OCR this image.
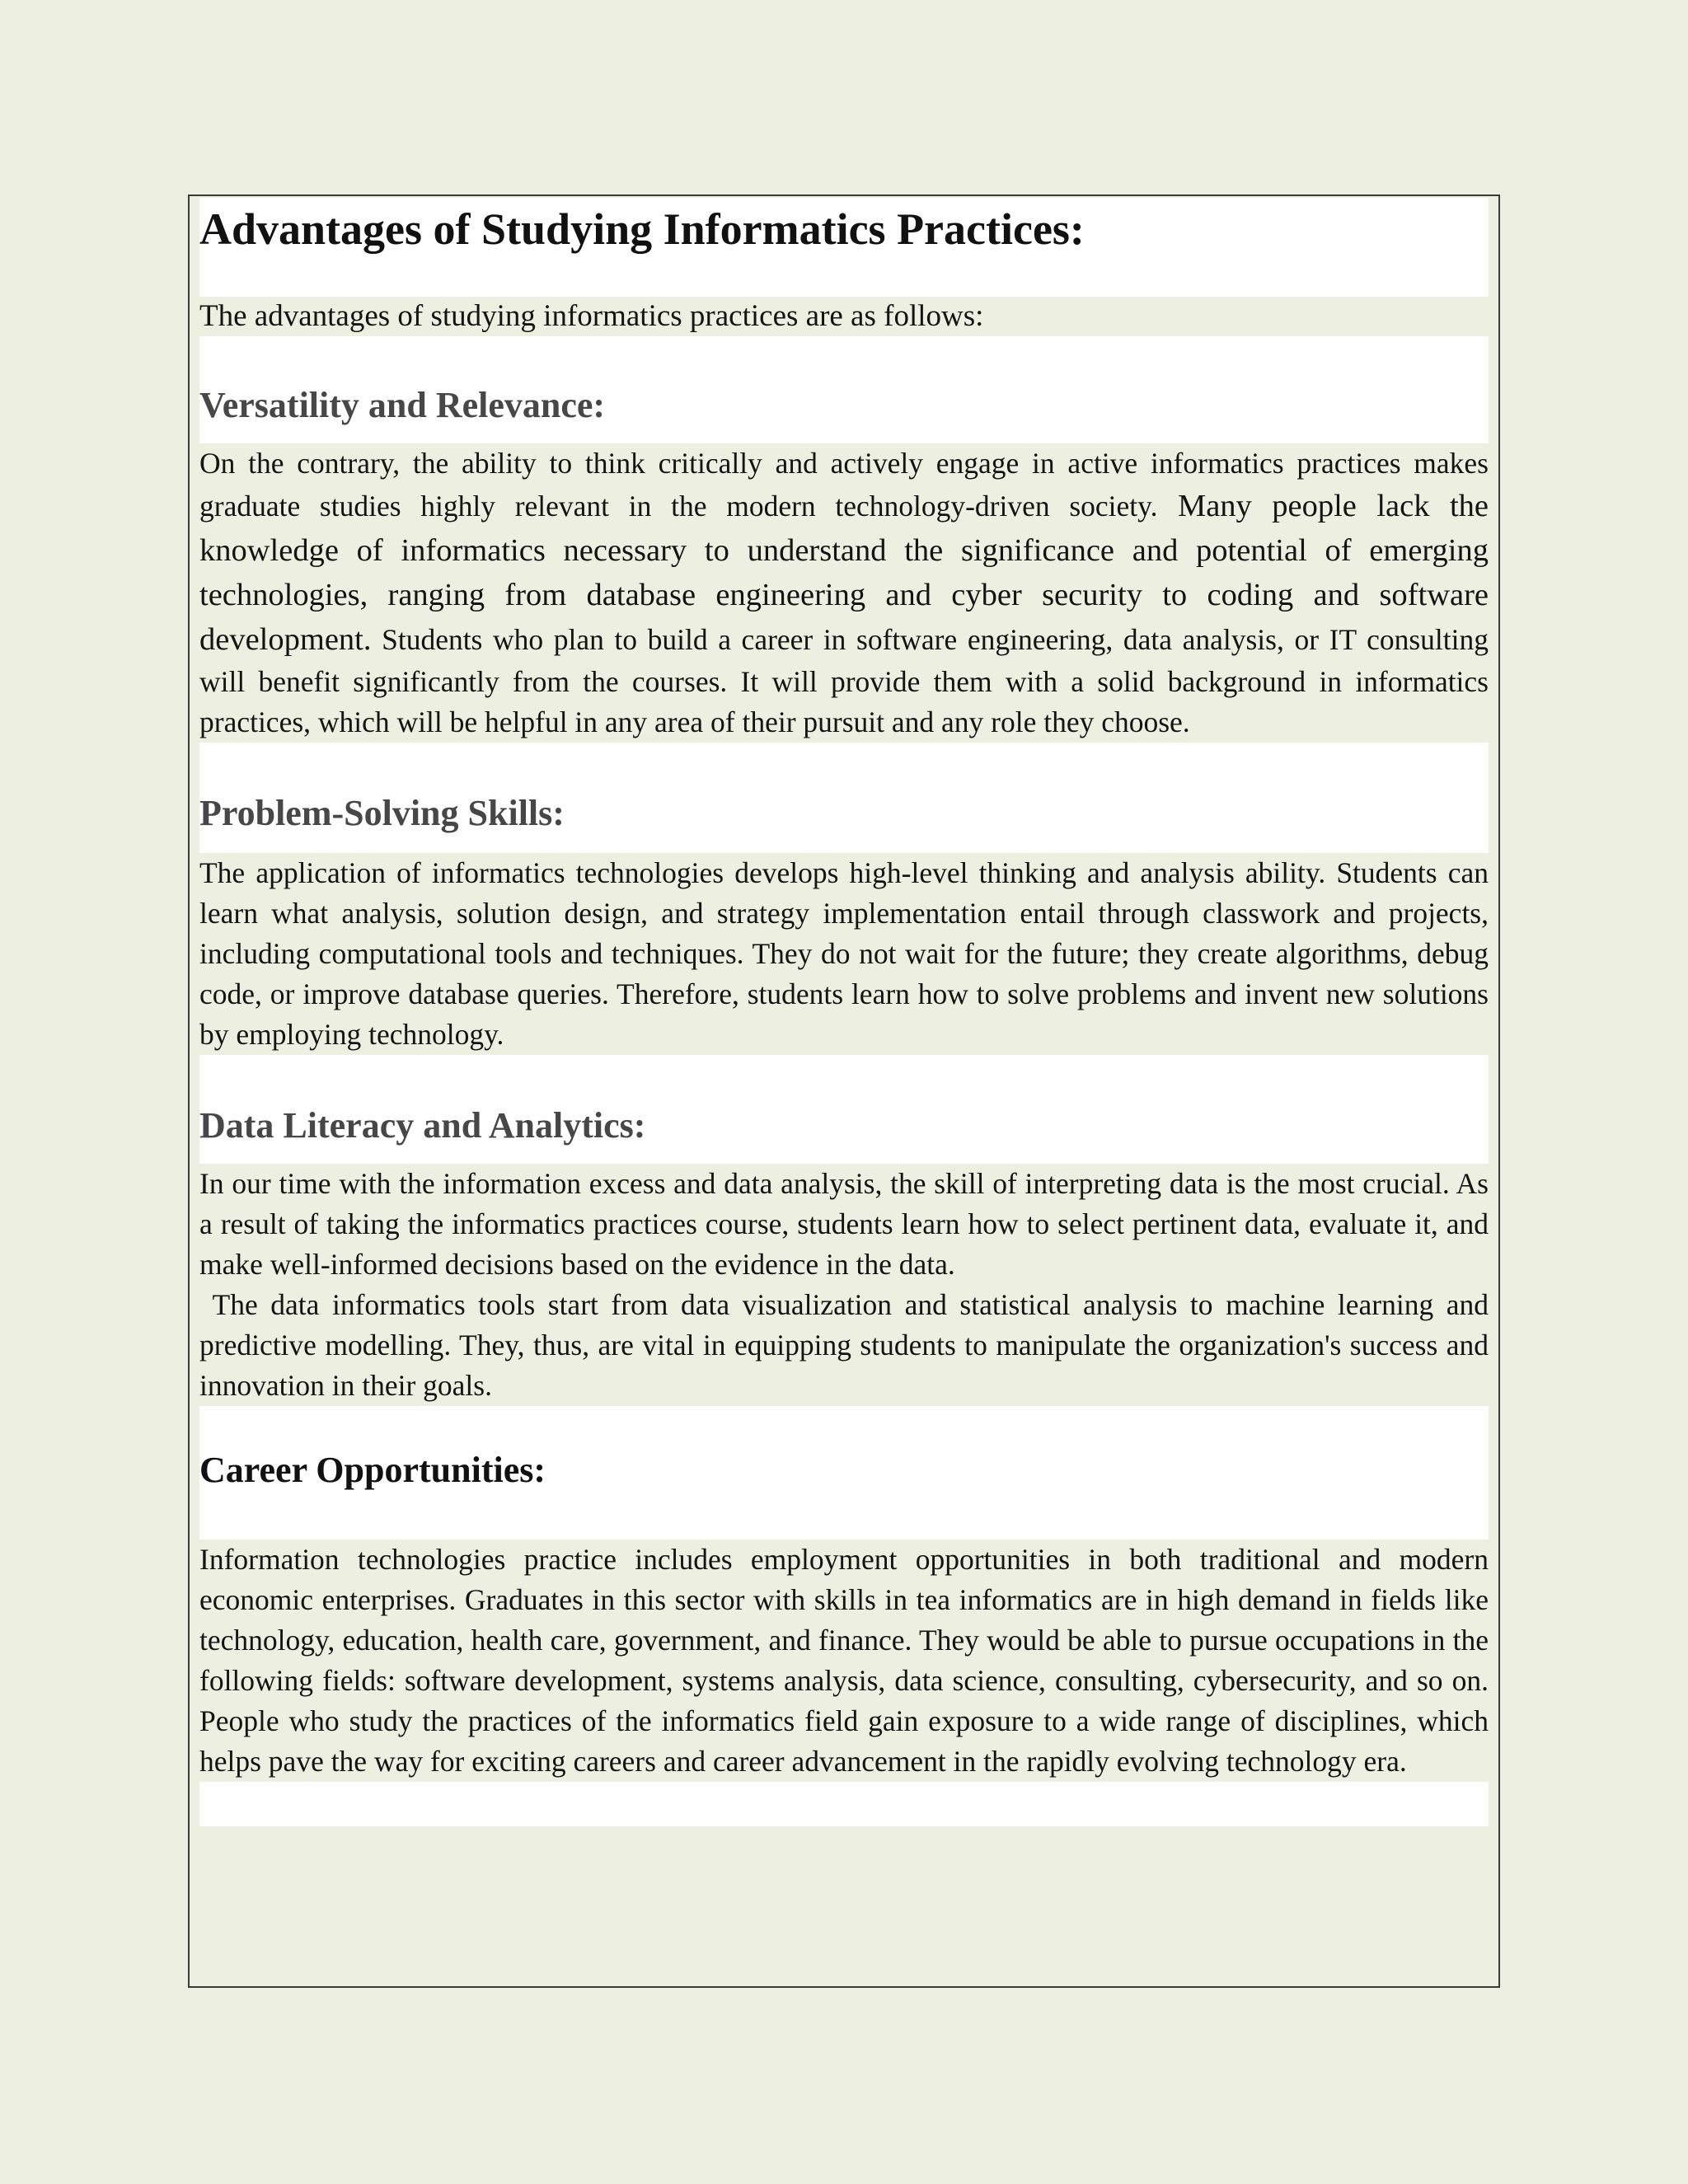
Advantages of Studying Informatics Practices:

The advantages of studying informatics practices are as follows:

Versatility and Relevance:

On the contrary, the ability to think critically and actively engage in active informatics practices makes graduate studies highly relevant in the modern technology-driven society. Many people lack the knowledge of informatics necessary to understand the significance and potential of emerging technologies, ranging from database engineering and cyber security to coding and software development. Students who plan to build a career in software engineering, data analysis, or IT consulting will benefit significantly from the courses. It will provide them with a solid background in informatics practices, which will be helpful in any area of their pursuit and any role they choose.

Problem-Solving Skills:

The application of informatics technologies develops high-level thinking and analysis ability. Students can learn what analysis, solution design, and strategy implementation entail through classwork and projects, including computational tools and techniques. They do not wait for the future; they create algorithms, debug code, or improve database queries. Therefore, students learn how to solve problems and invent new solutions by employing technology.

Data Literacy and Analytics:

In our time with the information excess and data analysis, the skill of interpreting data is the most crucial. As a result of taking the informatics practices course, students learn how to select pertinent data, evaluate it, and make well-informed decisions based on the evidence in the data.

The data informatics tools start from data visualization and statistical analysis to machine learning and predictive modelling. They, thus, are vital in equipping students to manipulate the organization's success and innovation in their goals.

Career Opportunities:

Information technologies practice includes employment opportunities in both traditional and modern economic enterprises. Graduates in this sector with skills in tea informatics are in high demand in fields like technology, education, health care, government, and finance. They would be able to pursue occupations in the following fields: software development, systems analysis, data science, consulting, cybersecurity, and so on. People who study the practices of the informatics field gain exposure to a wide range of disciplines, which helps pave the way for exciting careers and career advancement in the rapidly evolving technology era.
